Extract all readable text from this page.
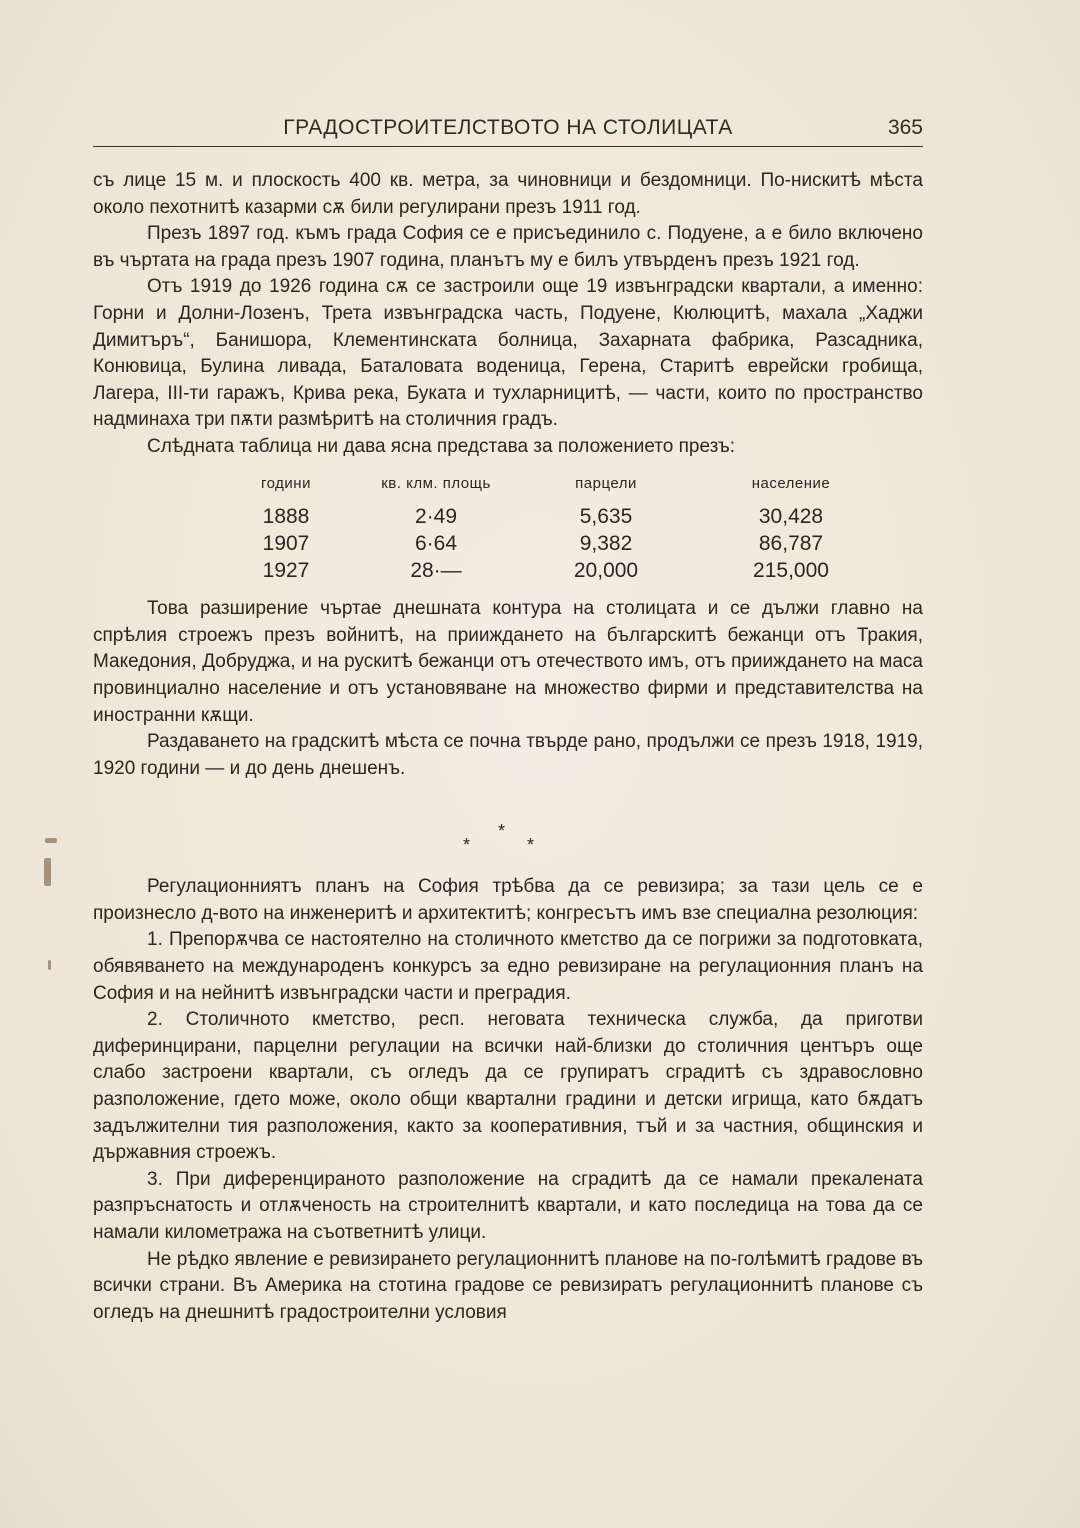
ГРАДОСТРОИТЕЛСТВОТО НА СТОЛИЦАТА	365

съ лице 15 м. и плоскость 400 кв. метра, за чиновници и бездомници. По-нискитѣ мѣста около пехотнитѣ казарми сѫ били регулирани презъ 1911 год.

Презъ 1897 год. къмъ града София се е присъединило с. Подуене, а е било включено въ чъртата на града презъ 1907 година, планътъ му е билъ утвърденъ презъ 1921 год.

Отъ 1919 до 1926 година сѫ се застроили още 19 извънградски квартали, а именно: Горни и Долни-Лозенъ, Трета извънградска часть, Подуене, Кюлюцитѣ, махала „Хаджи Димитъръ“, Банишора, Клементинската болница, Захарната фабрика, Разсадника, Конювица, Булина ливада, Баталовата воденица, Герена, Старитѣ еврейски гробища, Лагера, III-ти гаражъ, Крива река, Буката и тухларницитѣ, — части, които по пространство надминаха три пѫти размѣритѣ на столичния градъ.

Слѣдната таблица ни дава ясна представа за положението презъ:

години	кв. клм. площь	парцели	население
1888	2·49	5,635	30,428
1907	6·64	9,382	86,787
1927	28·—	20,000	215,000

Това разширение чъртае днешната контура на столицата и се дължи главно на спрѣлия строежъ презъ войнитѣ, на прииждането на българскитѣ бежанци отъ Тракия, Македония, Добруджа, и на рускитѣ бежанци отъ отечеството имъ, отъ прииждането на маса провинциално население и отъ установяване на множество фирми и представителства на иностранни кѫщи.

Раздаването на градскитѣ мѣста се почна твърде рано, продължи се презъ 1918, 1919, 1920 години — и до день днешенъ.

*
*	*

Регулационниятъ планъ на София трѣбва да се ревизира; за тази цель се е произнесло д-вото на инженеритѣ и архитектитѣ; конгресътъ имъ взе специална резолюция:

1. Препорѫчва се настоятелно на столичното кметство да се погрижи за подготовката, обявяването на международенъ конкурсъ за едно ревизиране на регулационния планъ на София и на нейнитѣ извънградски части и преградия.

2. Столичното кметство, респ. неговата техническа служба, да приготви диферинцирани, парцелни регулации на всички най-близки до столичния центъръ още слабо застроени квартали, съ огледъ да се групиратъ сградитѣ съ здравословно разположение, гдето може, около общи квартални градини и детски игрища, като бѫдатъ задължителни тия разположения, както за кооперативния, тъй и за частния, общинския и държавния строежъ.

3. При диференцираното разположение на сградитѣ да се намали прекалената разпръснатость и отлѫченость на строителнитѣ квартали, и като последица на това да се намали километража на съответнитѣ улици.

Не рѣдко явление е ревизирането регулационнитѣ планове на по-голѣмитѣ градове въ всички страни. Въ Америка на стотина градове се ревизиратъ регулационнитѣ планове съ огледъ на днешнитѣ градостроителни условия
